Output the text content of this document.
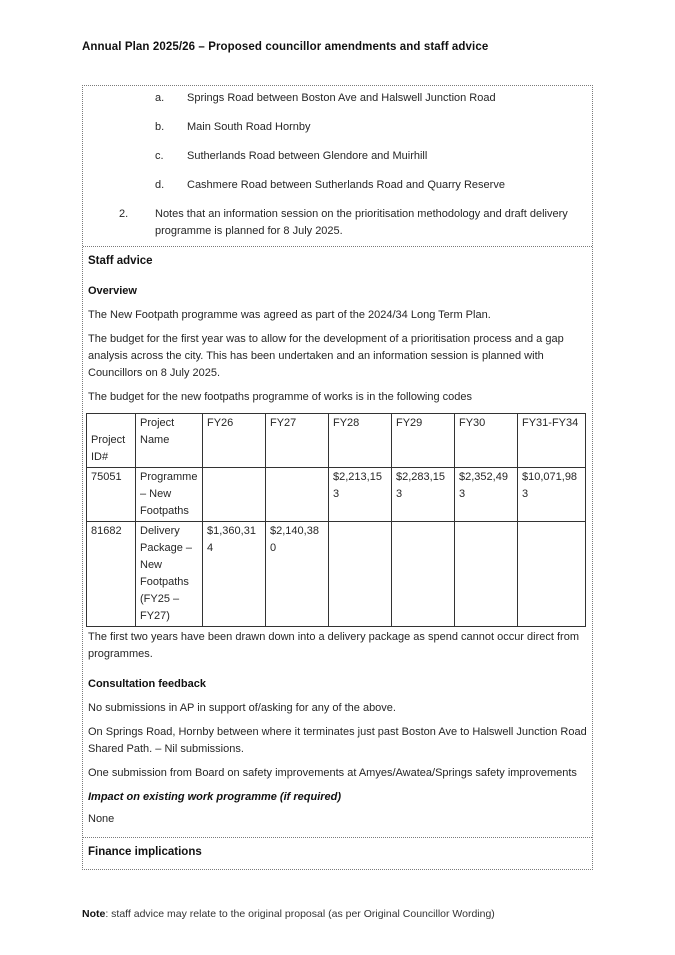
Annual Plan 2025/26 – Proposed councillor amendments and staff advice
a.	Springs Road between Boston Ave and Halswell Junction Road
b.	Main South Road Hornby
c.	Sutherlands Road between Glendore and Muirhill
d.	Cashmere Road between Sutherlands Road and Quarry Reserve
2.	Notes that an information session on the prioritisation methodology and draft delivery programme is planned for 8 July 2025.
Staff advice
Overview

The New Footpath programme was agreed as part of the 2024/34 Long Term Plan.

The budget for the first year was to allow for the development of a prioritisation process and a gap analysis across the city. This has been undertaken and an information session is planned with Councillors on 8 July 2025.

The budget for the new footpaths programme of works is in the following codes

Project ID#	Project Name	FY26	FY27	FY28	FY29	FY30	FY31-FY34
75051	Programme – New Footpaths			$2,213,153	$2,283,153	$2,352,493	$10,071,983
81682	Delivery Package – New Footpaths (FY25 – FY27)	$1,360,314	$2,140,380				

The first two years have been drawn down into a delivery package as spend cannot occur direct from programmes.

Consultation feedback

No submissions in AP in support of/asking for any of the above.

On Springs Road, Hornby between where it terminates just past Boston Ave to Halswell Junction Road Shared Path. – Nil submissions.

One submission from Board on safety improvements at Amyes/Awatea/Springs safety improvements

Impact on existing work programme (if required)

None

Finance implications

Note: staff advice may relate to the original proposal (as per Original Councillor Wording)
